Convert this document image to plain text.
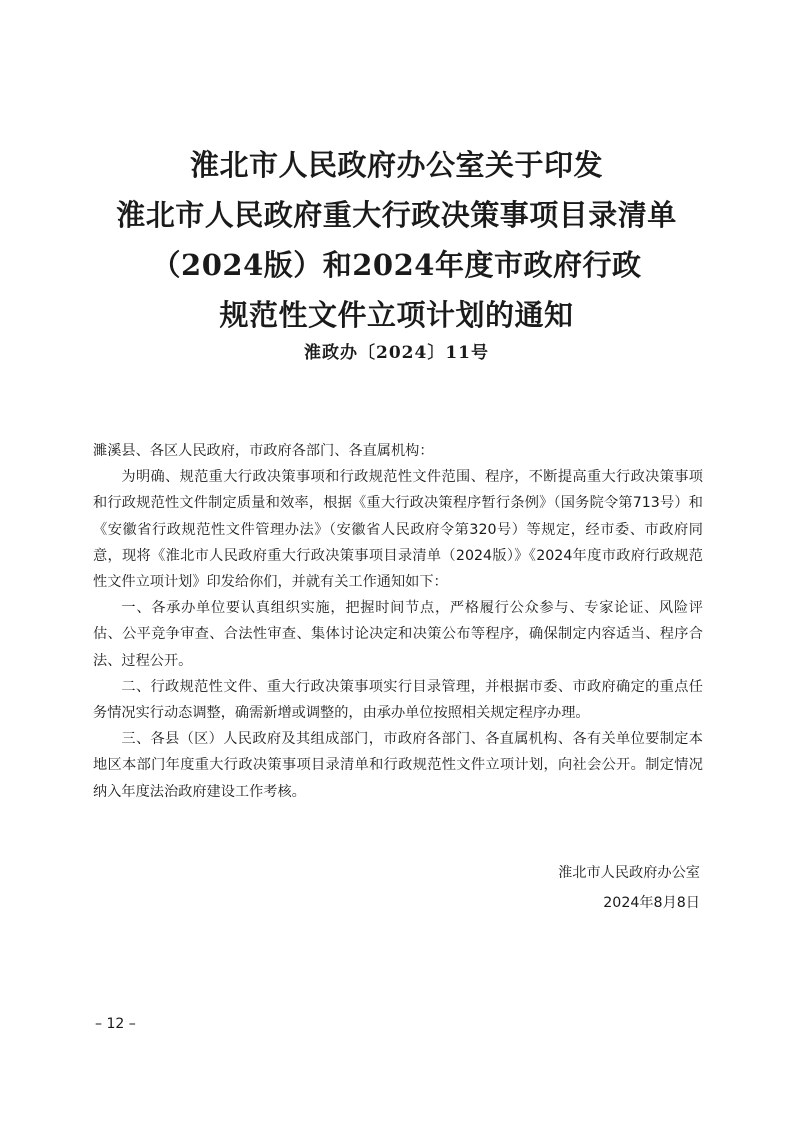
淮北市人民政府办公室关于印发
淮北市人民政府重大行政决策事项目录清单
（2024版）和2024年度市政府行政
规范性文件立项计划的通知
淮政办〔2024〕11号

濉溪县、各区人民政府，市政府各部门、各直属机构：

为明确、规范重大行政决策事项和行政规范性文件范围、程序，不断提高重大行政决策事项和行政规范性文件制定质量和效率，根据《重大行政决策程序暂行条例》（国务院令第713号）和《安徽省行政规范性文件管理办法》（安徽省人民政府令第320号）等规定，经市委、市政府同意，现将《淮北市人民政府重大行政决策事项目录清单（2024版）》《2024年度市政府行政规范性文件立项计划》印发给你们，并就有关工作通知如下：

一、各承办单位要认真组织实施，把握时间节点，严格履行公众参与、专家论证、风险评估、公平竞争审查、合法性审查、集体讨论决定和决策公布等程序，确保制定内容适当、程序合法、过程公开。

二、行政规范性文件、重大行政决策事项实行目录管理，并根据市委、市政府确定的重点任务情况实行动态调整，确需新增或调整的，由承办单位按照相关规定程序办理。

三、各县（区）人民政府及其组成部门，市政府各部门、各直属机构、各有关单位要制定本地区本部门年度重大行政决策事项目录清单和行政规范性文件立项计划，向社会公开。制定情况纳入年度法治政府建设工作考核。

淮北市人民政府办公室
2024年8月8日
– 12 –
